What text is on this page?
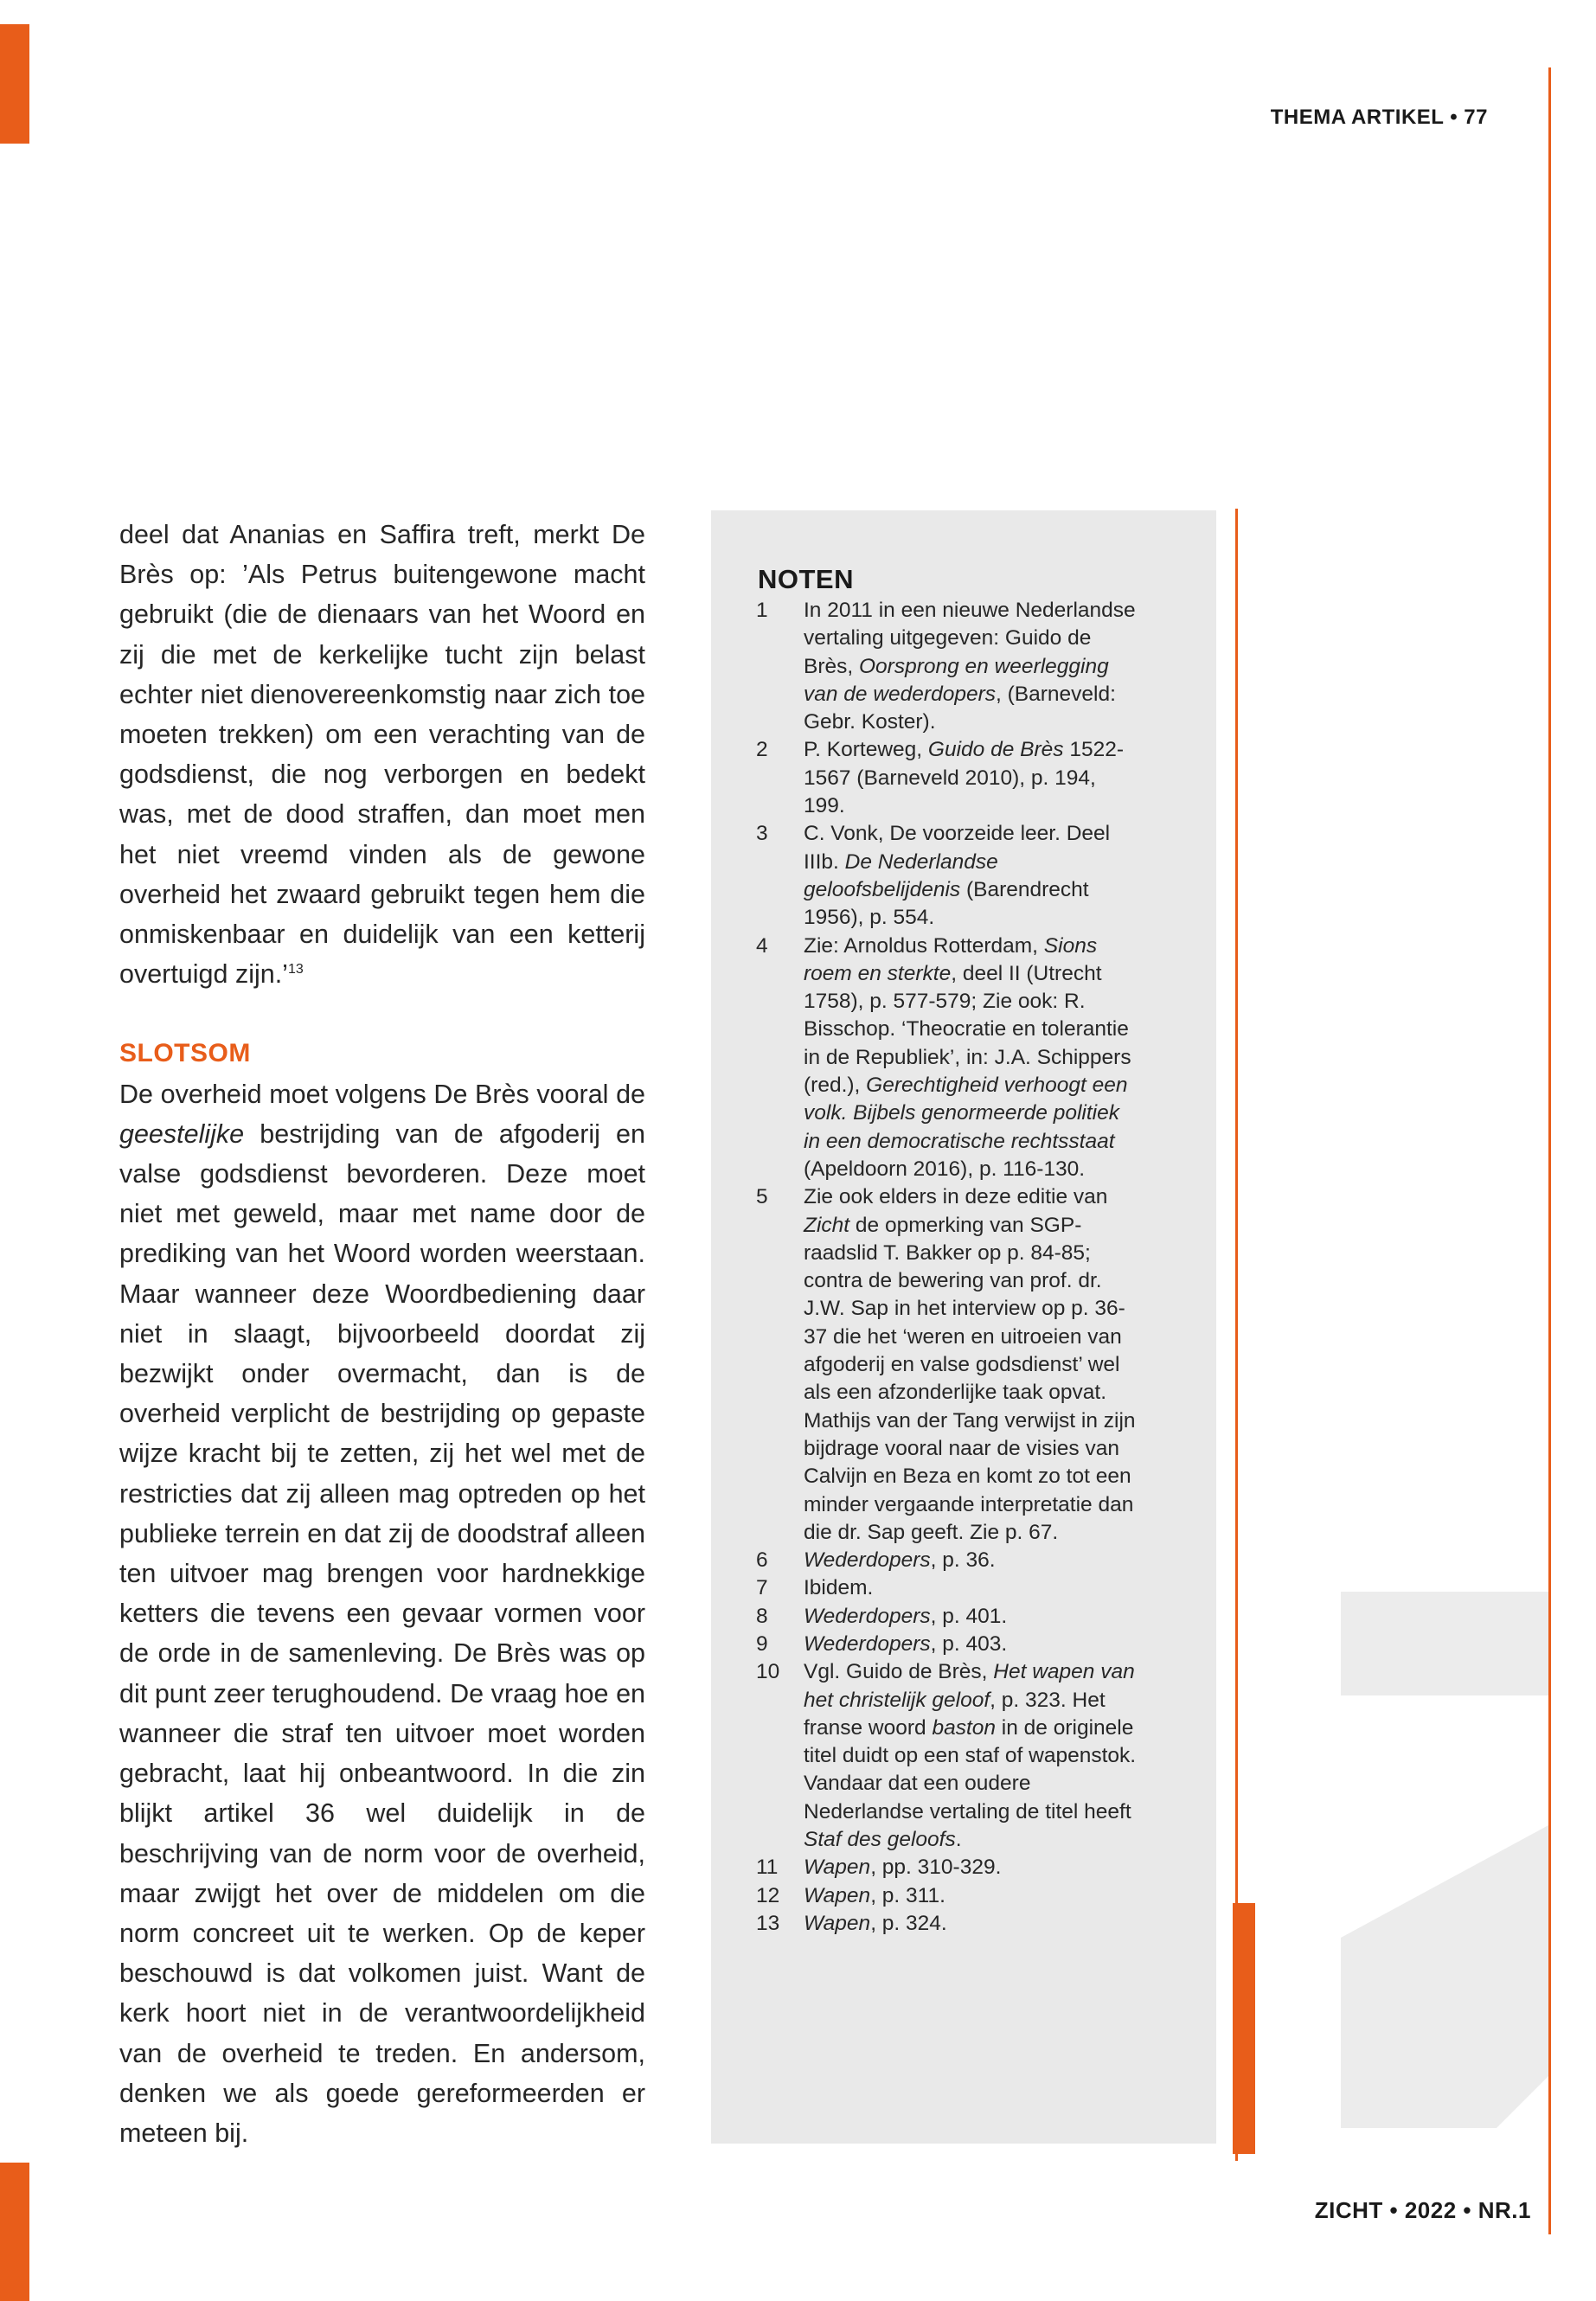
THEMA ARTIKEL • 77

deel dat Ananias en Saffira treft, merkt De Brès op: ’Als Petrus buitengewone macht gebruikt (die de dienaars van het Woord en zij die met de kerkelijke tucht zijn belast echter niet dienovereenkomstig naar zich toe moeten trekken) om een verachting van de godsdienst, die nog verborgen en bedekt was, met de dood straffen, dan moet men het niet vreemd vinden als de gewone overheid het zwaard gebruikt tegen hem die onmiskenbaar en duidelijk van een ketterij overtuigd zijn.’$^{13}$

SLOTSOM

De overheid moet volgens De Brès vooral de geestelijke bestrijding van de afgoderij en valse godsdienst bevorderen. Deze moet niet met geweld, maar met name door de prediking van het Woord worden weerstaan. Maar wanneer deze Woordbediening daar niet in slaagt, bijvoorbeeld doordat zij bezwijkt onder overmacht, dan is de overheid verplicht de bestrijding op gepaste wijze kracht bij te zetten, zij het wel met de restricties dat zij alleen mag optreden op het publieke terrein en dat zij de doodstraf alleen ten uitvoer mag brengen voor hardnekkige ketters die tevens een gevaar vormen voor de orde in de samenleving. De Brès was op dit punt zeer terughoudend. De vraag hoe en wanneer die straf ten uitvoer moet worden gebracht, laat hij onbeantwoord. In die zin blijkt artikel 36 wel duidelijk in de beschrijving van de norm voor de overheid, maar zwijgt het over de middelen om die norm concreet uit te werken. Op de keper beschouwd is dat volkomen juist. Want de kerk hoort niet in de verantwoordelijkheid van de overheid te treden. En andersom, denken we als goede gereformeerden er meteen bij.

NOTEN
1	In 2011 in een nieuwe Nederlandse vertaling uitgegeven: Guido de Brès, Oorsprong en weerlegging van de wederdopers, (Barneveld: Gebr. Koster).
2	P. Korteweg, Guido de Brès 1522-1567 (Barneveld 2010), p. 194, 199.
3	C. Vonk, De voorzeide leer. Deel IIIb. De Nederlandse geloofsbelijdenis (Barendrecht 1956), p. 554.
4	Zie: Arnoldus Rotterdam, Sions roem en sterkte, deel II (Utrecht 1758), p. 577-579; Zie ook: R. Bisschop. ‘Theocratie en tolerantie in de Republiek’, in: J.A. Schippers (red.), Gerechtigheid verhoogt een volk. Bijbels genormeerde politiek in een democratische rechtsstaat (Apeldoorn 2016), p. 116-130.
5	Zie ook elders in deze editie van Zicht de opmerking van SGP-raadslid T. Bakker op p. 84-85; contra de bewering van prof. dr. J.W. Sap in het interview op p. 36-37 die het ‘weren en uitroeien van afgoderij en valse godsdienst’ wel als een afzonderlijke taak opvat. Mathijs van der Tang verwijst in zijn bijdrage vooral naar de visies van Calvijn en Beza en komt zo tot een minder vergaande interpretatie dan die dr. Sap geeft. Zie p. 67.
6	Wederdopers, p. 36.
7	Ibidem.
8	Wederdopers, p. 401.
9	Wederdopers, p. 403.
10	Vgl. Guido de Brès, Het wapen van het christelijk geloof, p. 323. Het franse woord baston in de originele titel duidt op een staf of wapenstok. Vandaar dat een oudere Nederlandse vertaling de titel heeft Staf des geloofs.
11	Wapen, pp. 310-329.
12	Wapen, p. 311.
13	Wapen, p. 324.
ZICHT • 2022 • NR.1
